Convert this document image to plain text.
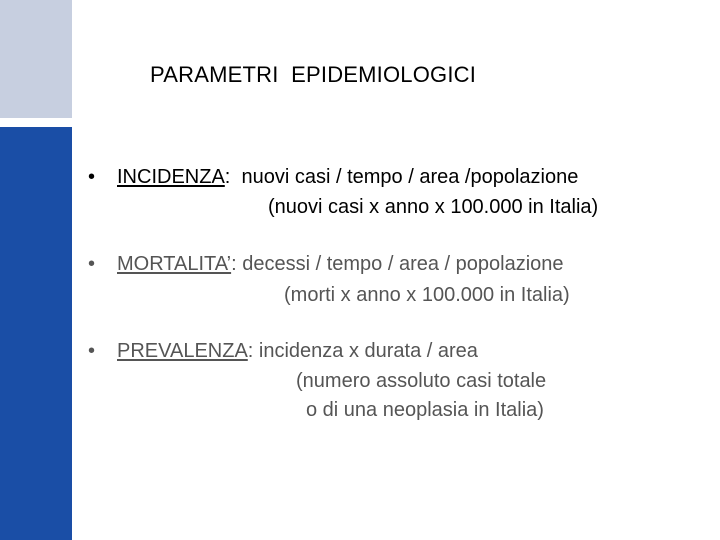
PARAMETRI  EPIDEMIOLOGICI
• INCIDENZA:  nuovi casi / tempo / area /popolazione
(nuovi casi x anno x 100.000 in Italia)
• MORTALITA’: decessi / tempo / area / popolazione
(morti x anno x 100.000 in Italia)
• PREVALENZA: incidenza x durata / area
(numero assoluto casi totale
o di una neoplasia in Italia)
